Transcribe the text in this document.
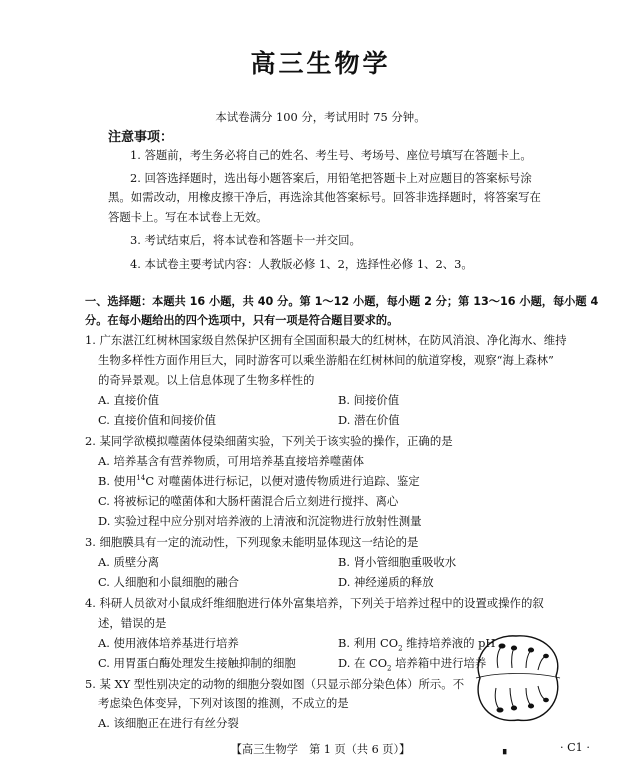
高三生物学
本试卷满分 100 分，考试用时 75 分钟。
注意事项：
1. 答题前，考生务必将自己的姓名、考生号、考场号、座位号填写在答题卡上。
2. 回答选择题时，选出每小题答案后，用铅笔把答题卡上对应题目的答案标号涂
黑。如需改动，用橡皮擦干净后，再选涂其他答案标号。回答非选择题时，将答案写在
答题卡上。写在本试卷上无效。
3. 考试结束后，将本试卷和答题卡一并交回。
4. 本试卷主要考试内容：人教版必修 1、2，选择性必修 1、2、3。
一、选择题：本题共 16 小题，共 40 分。第 1～12 小题，每小题 2 分；第 13～16 小题，每小题 4
分。在每小题给出的四个选项中，只有一项是符合题目要求的。
1. 广东湛江红树林国家级自然保护区拥有全国面积最大的红树林，在防风消浪、净化海水、维持
生物多样性方面作用巨大，同时游客可以乘坐游船在红树林间的航道穿梭，观察“海上森林”
的奇异景观。以上信息体现了生物多样性的
A. 直接价值	B. 间接价值
C. 直接价值和间接价值	D. 潜在价值
2. 某同学欲模拟噬菌体侵染细菌实验，下列关于该实验的操作，正确的是
A. 培养基含有营养物质，可用培养基直接培养噬菌体
B. 使用$^{14}$C 对噬菌体进行标记，以便对遗传物质进行追踪、鉴定
C. 将被标记的噬菌体和大肠杆菌混合后立刻进行搅拌、离心
D. 实验过程中应分别对培养液的上清液和沉淀物进行放射性测量
3. 细胞膜具有一定的流动性，下列现象未能明显体现这一结论的是
A. 质壁分离	B. 肾小管细胞重吸收水
C. 人细胞和小鼠细胞的融合	D. 神经递质的释放
4. 科研人员欲对小鼠成纤维细胞进行体外富集培养，下列关于培养过程中的设置或操作的叙
述，错误的是
A. 使用液体培养基进行培养	B. 利用 $CO_2$ 维持培养液的 pH
C. 用胃蛋白酶处理发生接触抑制的细胞	D. 在 $CO_2$ 培养箱中进行培养
5. 某 XY 型性别决定的动物的细胞分裂如图（只显示部分染色体）所示。不
考虑染色体变异，下列对该图的推测，不成立的是
A. 该细胞正在进行有丝分裂
【高三生物学　第 1 页（共 6 页）】	▖	· C1 ·
